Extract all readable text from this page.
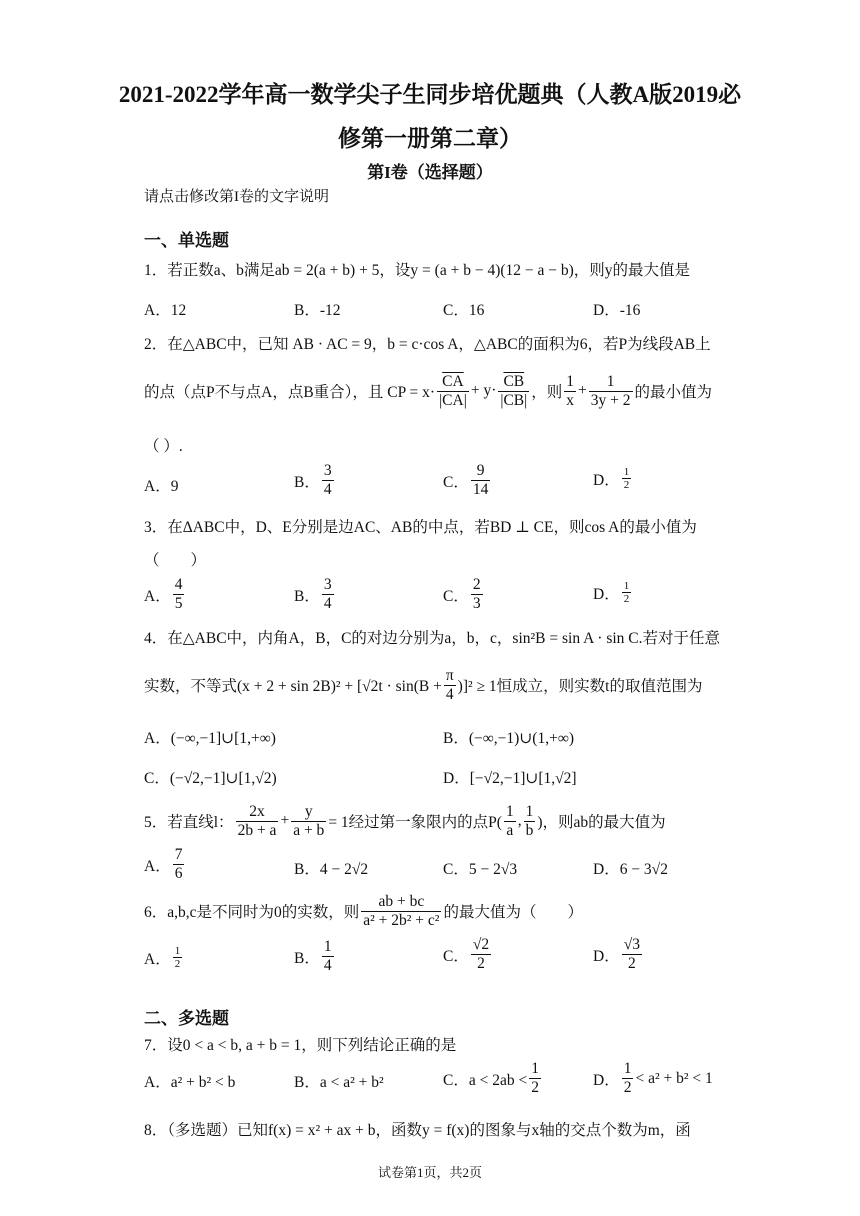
2021-2022学年高一数学尖子生同步培优题典（人教A版2019必
修第一册第二章）
第I卷（选择题）
请点击修改第I卷的文字说明
一、单选题
1．若正数a、b满足ab = 2(a + b) + 5，设y = (a + b − 4)(12 − a − b)，则y的最大值是
A．12	B．-12	C．16	D．-16
2．在△ABC中，已知 AB · AC = 9，b = c·cos A，△ABC的面积为6，若P为线段AB上
的点（点P不与点A，点B重合），且 CP = $x\cdot \frac{\overline{CA}}{|CA|} + y\cdot \frac{\overline{CB}}{|CB|}$ ，则 $\frac{1}{x} + \frac{1}{3y + 2}$ 的最小值为
（ ）.
A．9	B． $\frac{3}{4}$	C． $\frac{9}{14}$	D． $\frac{1}{2}$
3．在ΔABC中，D、E分别是边AC、AB的中点，若BD ⊥ CE，则cos A的最小值为
（　　）
A． $\frac{4}{5}$	B． $\frac{3}{4}$	C． $\frac{2}{3}$	D． $\frac{1}{2}$
4．在△ABC中，内角A，B，C的对边分别为a，b，c，sin²B = sin A · sin C.若对于任意
实数，不等式$(x + 2 + \sin 2B)^2 + [√2t \cdot \sin(B + \frac{\pi}{4} )]^2 \ge 1$恒成立，则实数t的取值范围为
A．(−∞,−1]∪[1,+∞)	B．(−∞,−1)∪(1,+∞)
C．(−√2,−1]∪[1,√2)	D．[−√2,−1]∪[1,√2]
5．若直线l： $\frac{2x}{2b + a} + \frac{y}{a + b} = 1$经过第一象限内的点$P( \frac{1}{a}$ , $\frac{1}{b}$ )，则ab的最大值为
A． $\frac{7}{6}$	B．4 − 2√2	C．5 − 2√3	D．6 − 3√2
6．a,b,c是不同时为0的实数，则 $\frac{ab + bc}{\text{a² + 2b² + c²}}$ 的最大值为（　　）
A． $\frac{1}{2}$	B． $\frac{1}{4}$	C． $\frac{√2}{2}$	D． $\frac{√3}{2}$
二、多选题
7．设0 < a < b, a + b = 1，则下列结论正确的是
A．a² + b² < b	B．a < a² + b²	C．$a < 2ab < \frac{1}{2}$	D． $\frac{1}{2} < a^2 + b^2 < 1$
8．（多选题）已知f(x) = x² + ax + b，函数y = f(x)的图象与x轴的交点个数为m，函
试卷第1页，共2页
